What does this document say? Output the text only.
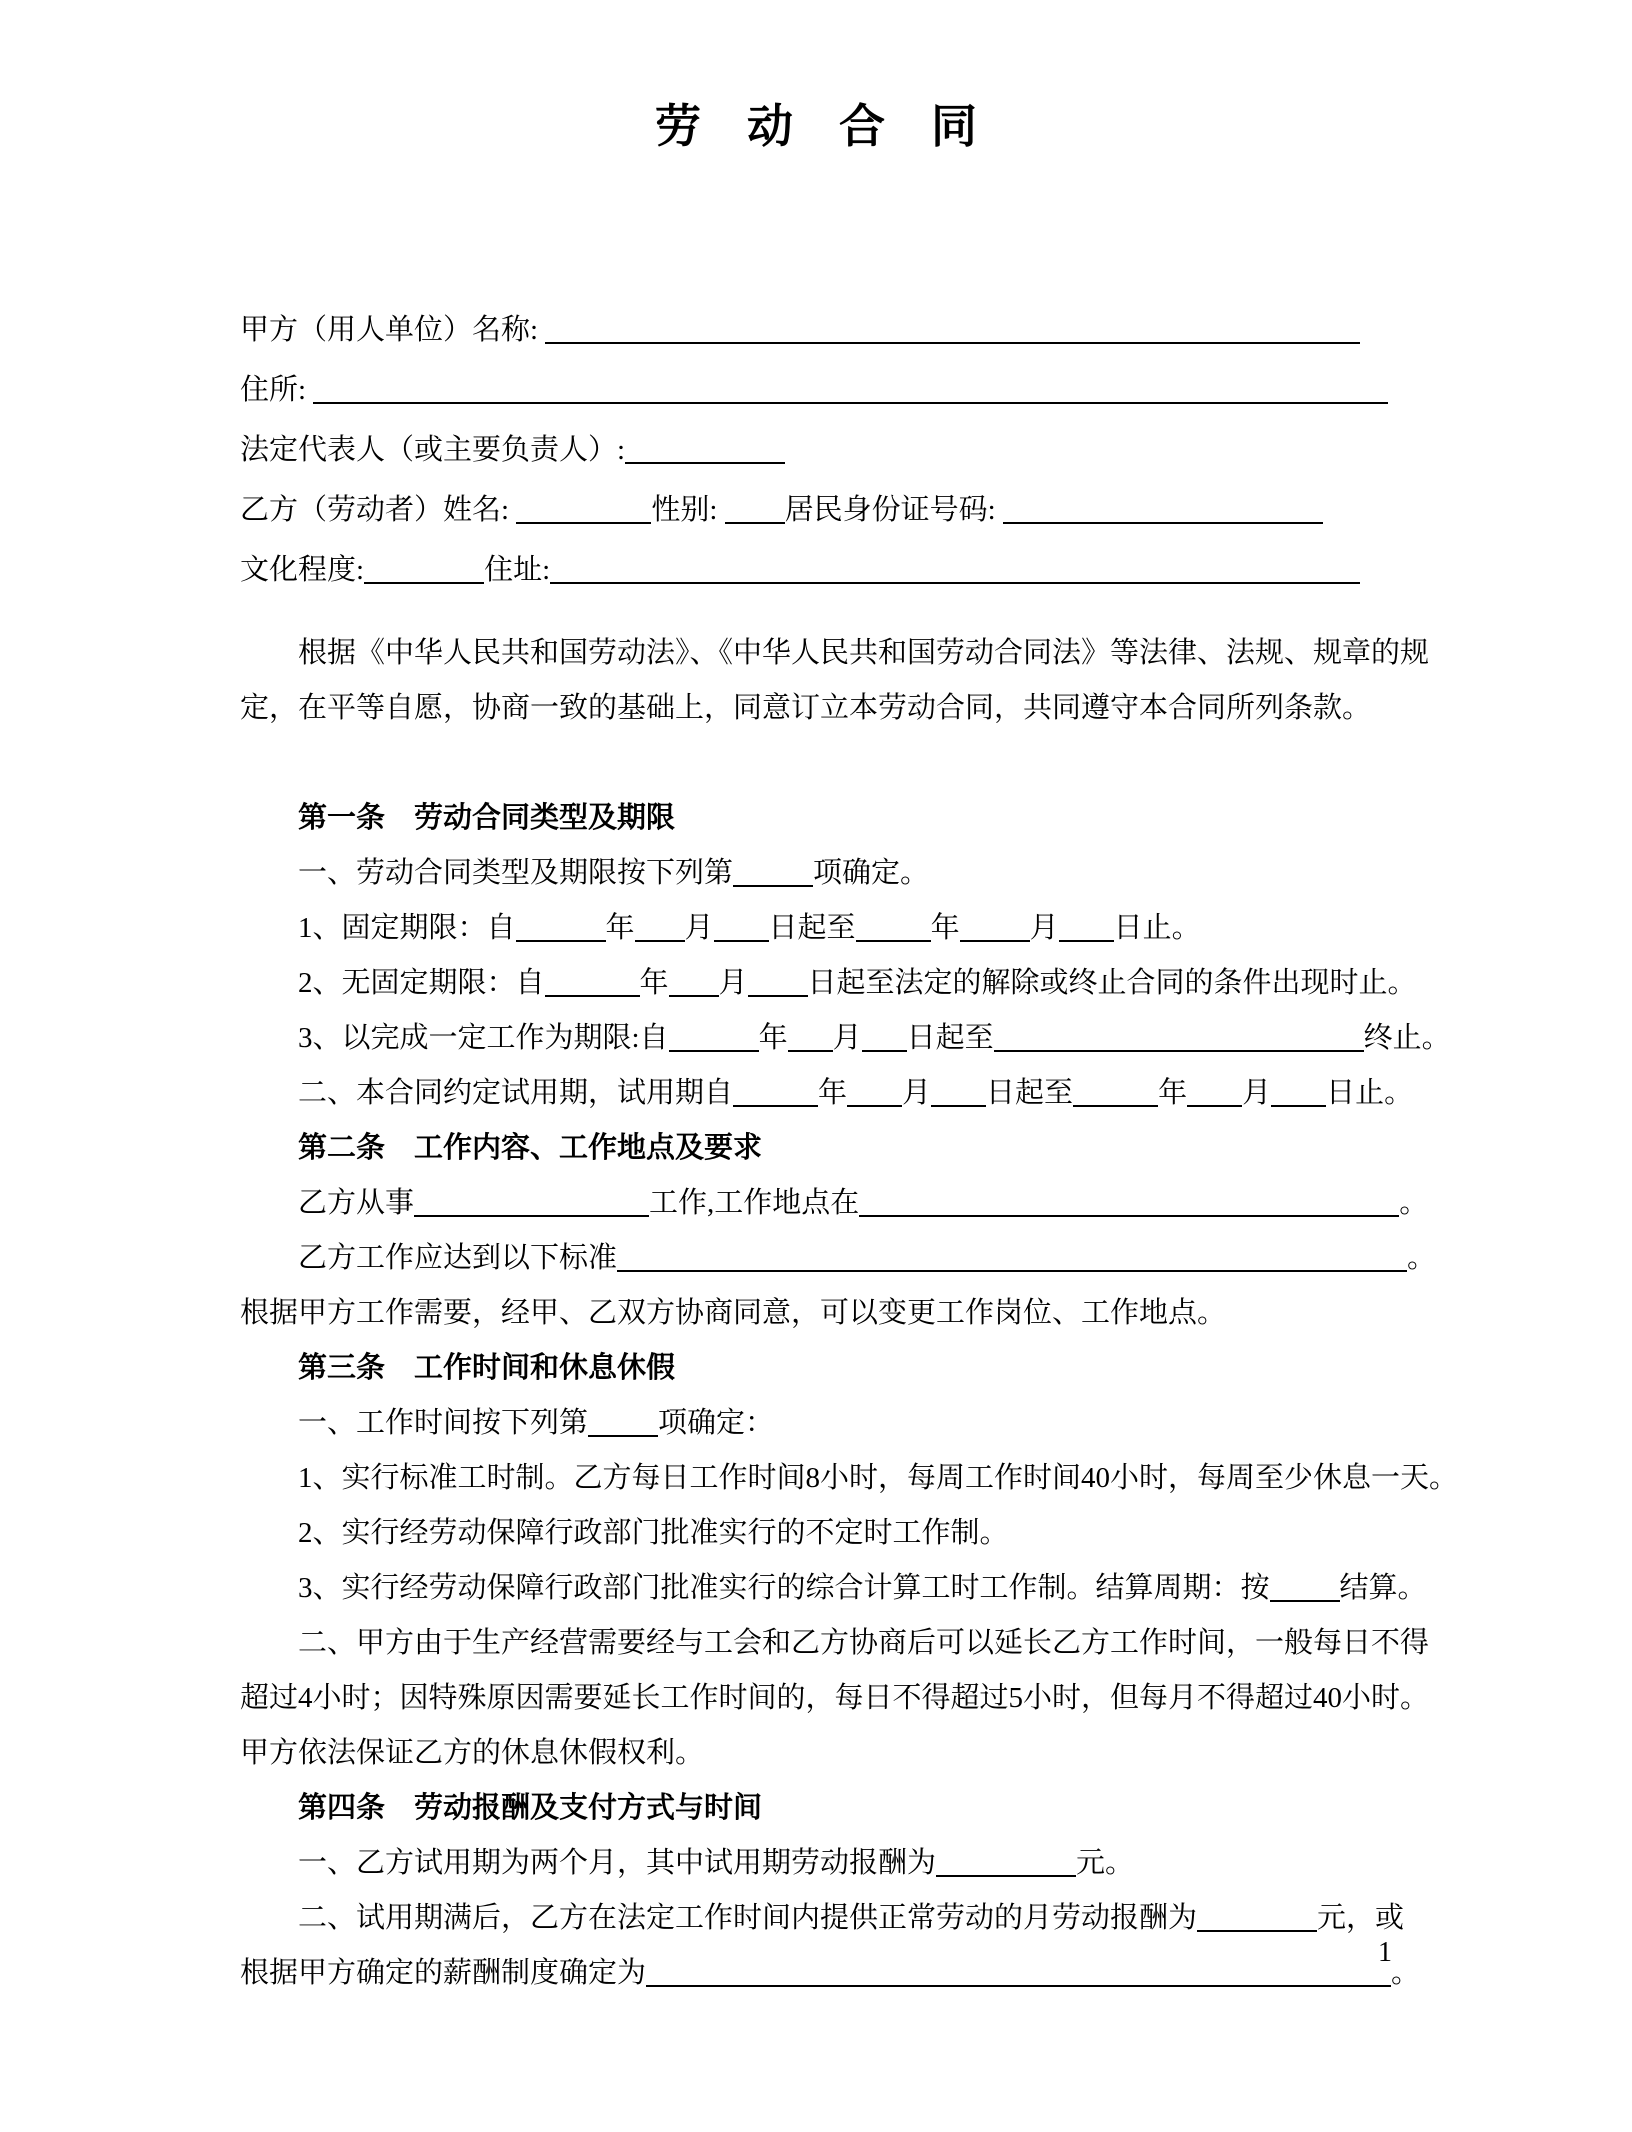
劳　动　合　同
甲方（用人单位）名称:
住所:
法定代表人（或主要负责人）:
乙方（劳动者）姓名:	性别: 居民身份证号码:
文化程度:	住址:
根据《中华人民共和国劳动法》、《中华人民共和国劳动合同法》等法律、法规、规章的规
定，在平等自愿，协商一致的基础上，同意订立本劳动合同，共同遵守本合同所列条款。
第一条　劳动合同类型及期限
一、劳动合同类型及期限按下列第	项确定。
1、固定期限：自	年 月 日起至	年 月 日止。
2、无固定期限：自	年 月 日起至法定的解除或终止合同的条件出现时止。
3、以完成一定工作为期限:自	年 月 日起至	终止。
二、本合同约定试用期，试用期自	年 月 日起至	年 月 日止。
第二条　工作内容、工作地点及要求
乙方从事	工作,工作地点在	。
乙方工作应达到以下标准	。
根据甲方工作需要，经甲、乙双方协商同意，可以变更工作岗位、工作地点。
第三条　工作时间和休息休假
一、工作时间按下列第 项确定：
1、实行标准工时制。乙方每日工作时间8小时，每周工作时间40小时，每周至少休息一天。
2、实行经劳动保障行政部门批准实行的不定时工作制。
3、实行经劳动保障行政部门批准实行的综合计算工时工作制。结算周期：按 结算。
二、甲方由于生产经营需要经与工会和乙方协商后可以延长乙方工作时间，一般每日不得
超过4小时；因特殊原因需要延长工作时间的，每日不得超过5小时，但每月不得超过40小时。
甲方依法保证乙方的休息休假权利。
第四条　劳动报酬及支付方式与时间
一、乙方试用期为两个月，其中试用期劳动报酬为	元。
二、试用期满后，乙方在法定工作时间内提供正常劳动的月劳动报酬为	元，或
根据甲方确定的薪酬制度确定为	。
1
